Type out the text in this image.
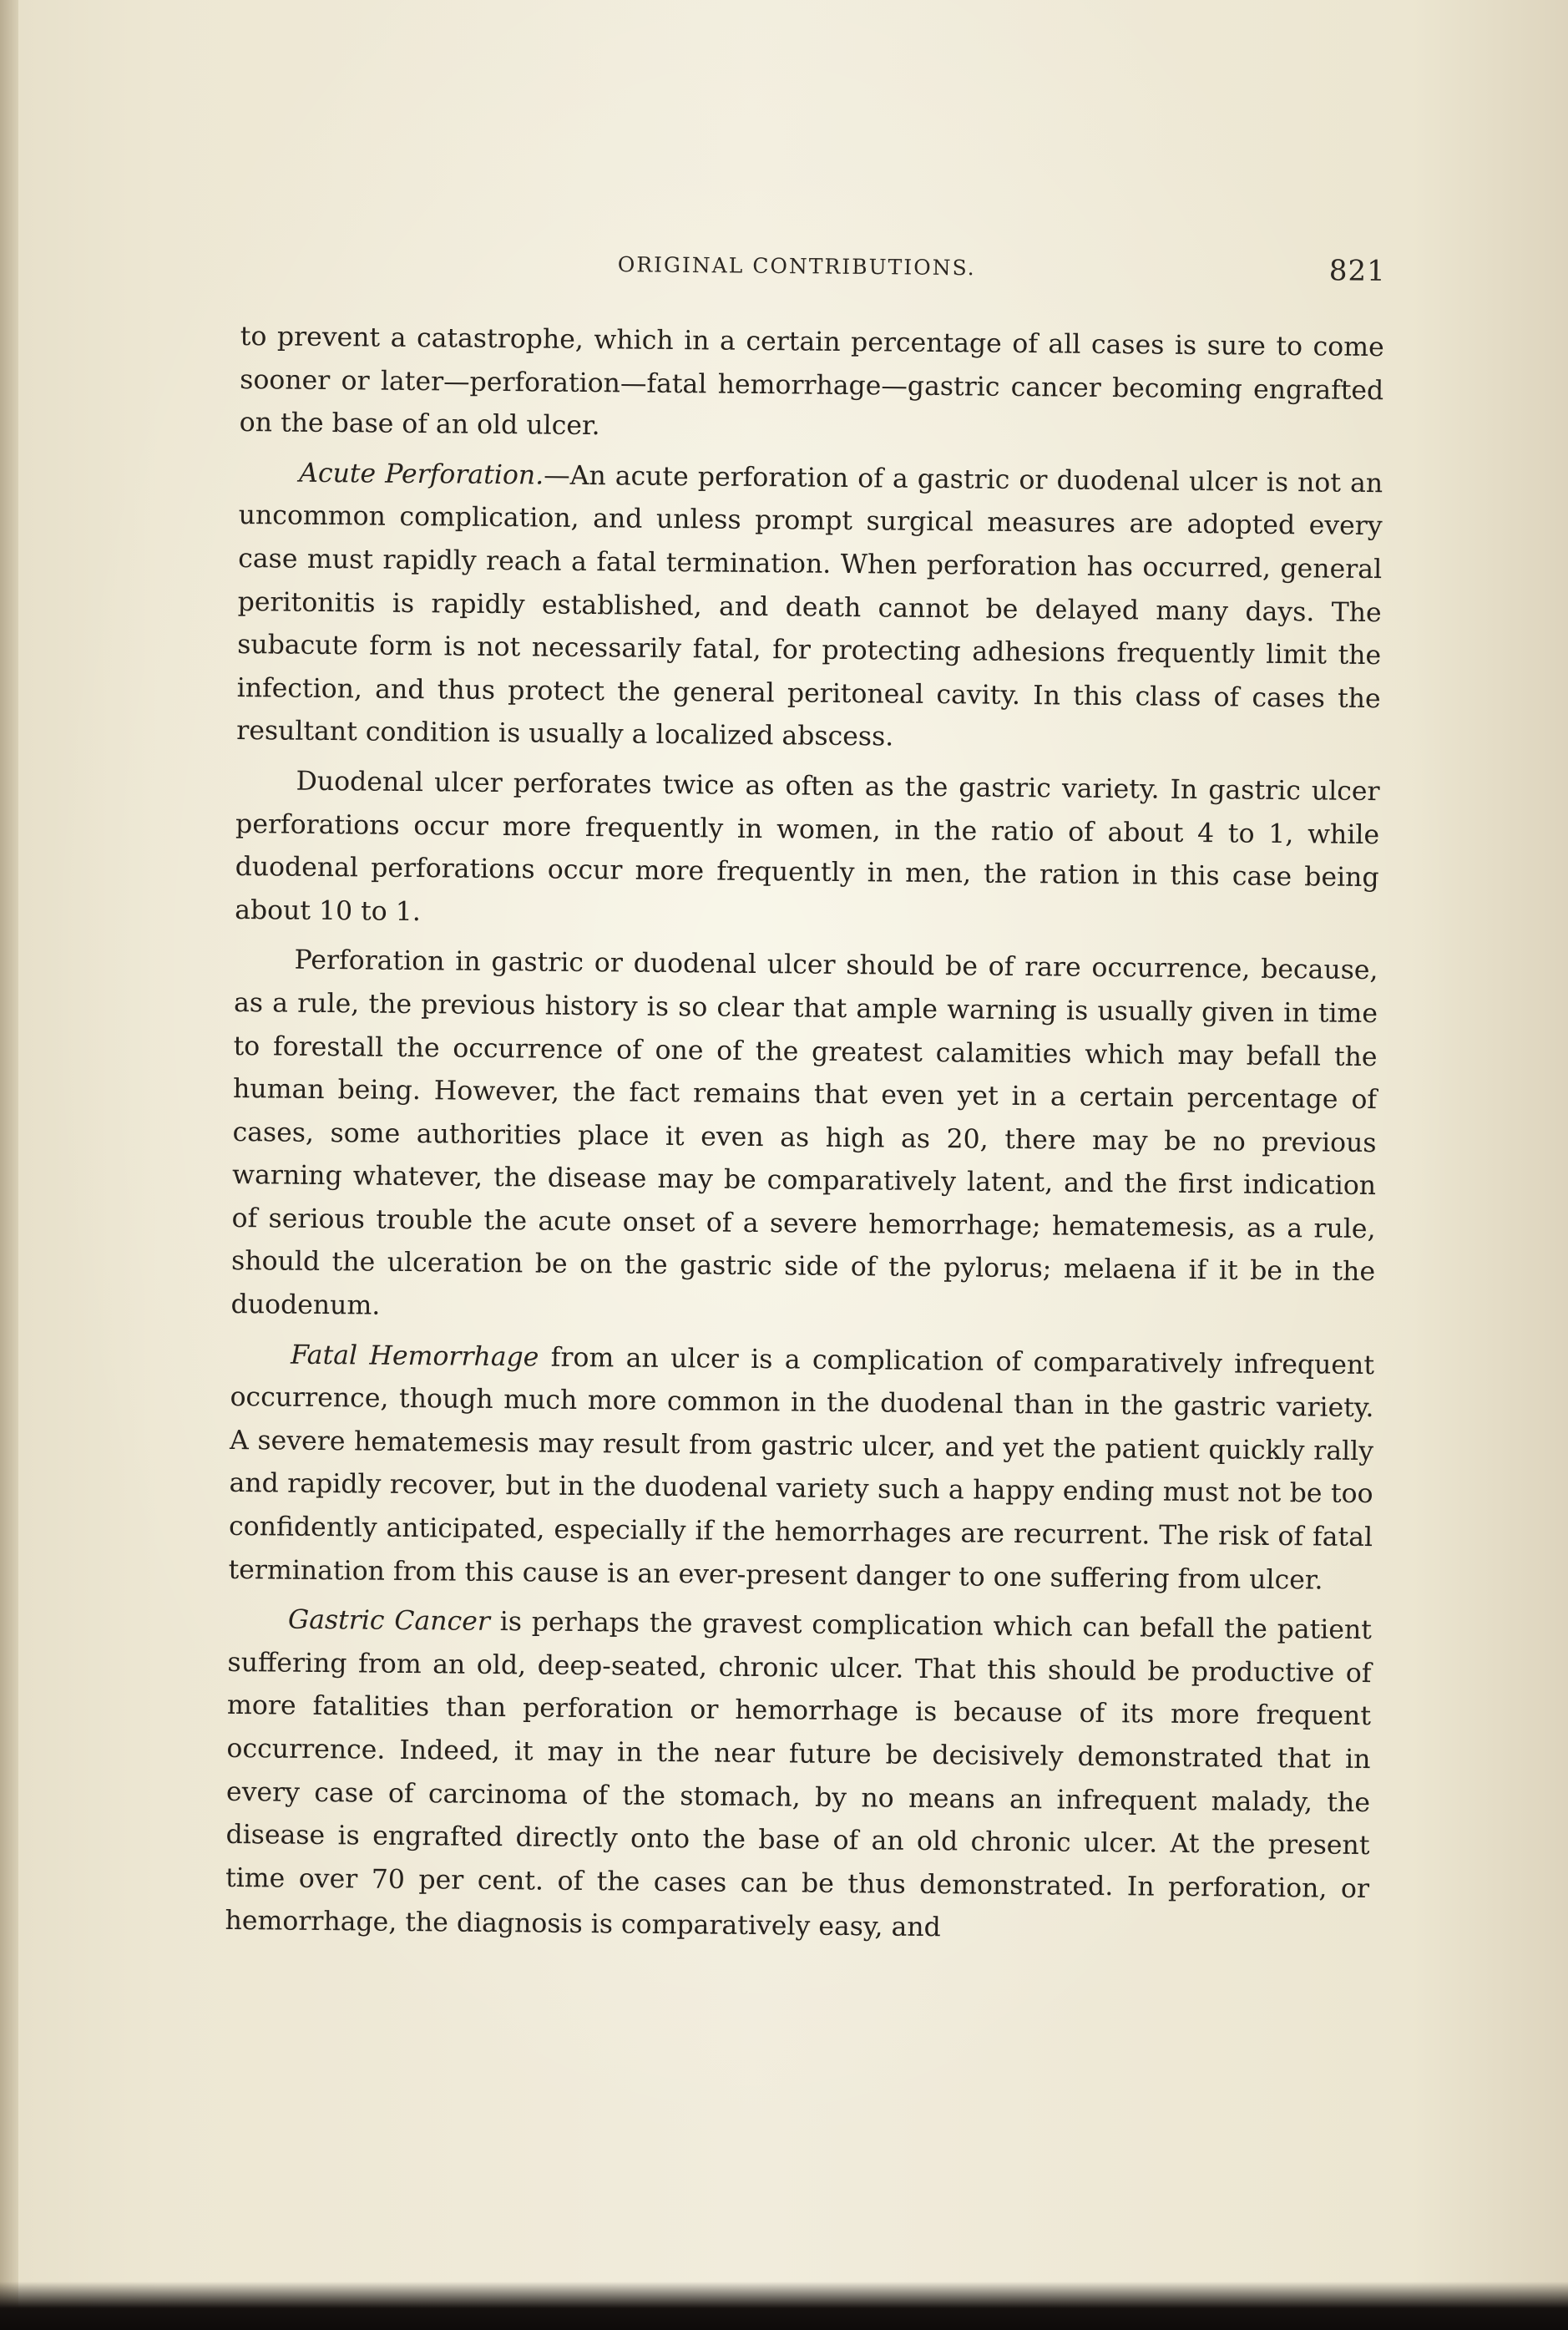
ORIGINAL CONTRIBUTIONS.	821

to prevent a catastrophe, which in a certain percentage of all cases is sure to come sooner or later—perforation—fatal hemorrhage—gastric cancer becoming engrafted on the base of an old ulcer.

Acute Perforation.—An acute perforation of a gastric or duodenal ulcer is not an uncommon complication, and unless prompt surgical measures are adopted every case must rapidly reach a fatal termination. When perforation has occurred, general peritonitis is rapidly established, and death cannot be delayed many days. The subacute form is not necessarily fatal, for protecting adhesions frequently limit the infection, and thus protect the general peritoneal cavity. In this class of cases the resultant condition is usually a localized abscess.

Duodenal ulcer perforates twice as often as the gastric variety. In gastric ulcer perforations occur more frequently in women, in the ratio of about 4 to 1, while duodenal perforations occur more frequently in men, the ration in this case being about 10 to 1.

Perforation in gastric or duodenal ulcer should be of rare occurrence, because, as a rule, the previous history is so clear that ample warning is usually given in time to forestall the occurrence of one of the greatest calamities which may befall the human being. However, the fact remains that even yet in a certain percentage of cases, some authorities place it even as high as 20, there may be no previous warning whatever, the disease may be comparatively latent, and the first indication of serious trouble the acute onset of a severe hemorrhage; hematemesis, as a rule, should the ulceration be on the gastric side of the pylorus; melaena if it be in the duodenum.

Fatal Hemorrhage from an ulcer is a complication of comparatively infrequent occurrence, though much more common in the duodenal than in the gastric variety. A severe hematemesis may result from gastric ulcer, and yet the patient quickly rally and rapidly recover, but in the duodenal variety such a happy ending must not be too confidently anticipated, especially if the hemorrhages are recurrent. The risk of fatal termination from this cause is an ever-present danger to one suffering from ulcer.

Gastric Cancer is perhaps the gravest complication which can befall the patient suffering from an old, deep-seated, chronic ulcer. That this should be productive of more fatalities than perforation or hemorrhage is because of its more frequent occurrence. Indeed, it may in the near future be decisively demonstrated that in every case of carcinoma of the stomach, by no means an infrequent malady, the disease is engrafted directly onto the base of an old chronic ulcer. At the present time over 70 per cent. of the cases can be thus demonstrated. In perforation, or hemorrhage, the diagnosis is comparatively easy, and
